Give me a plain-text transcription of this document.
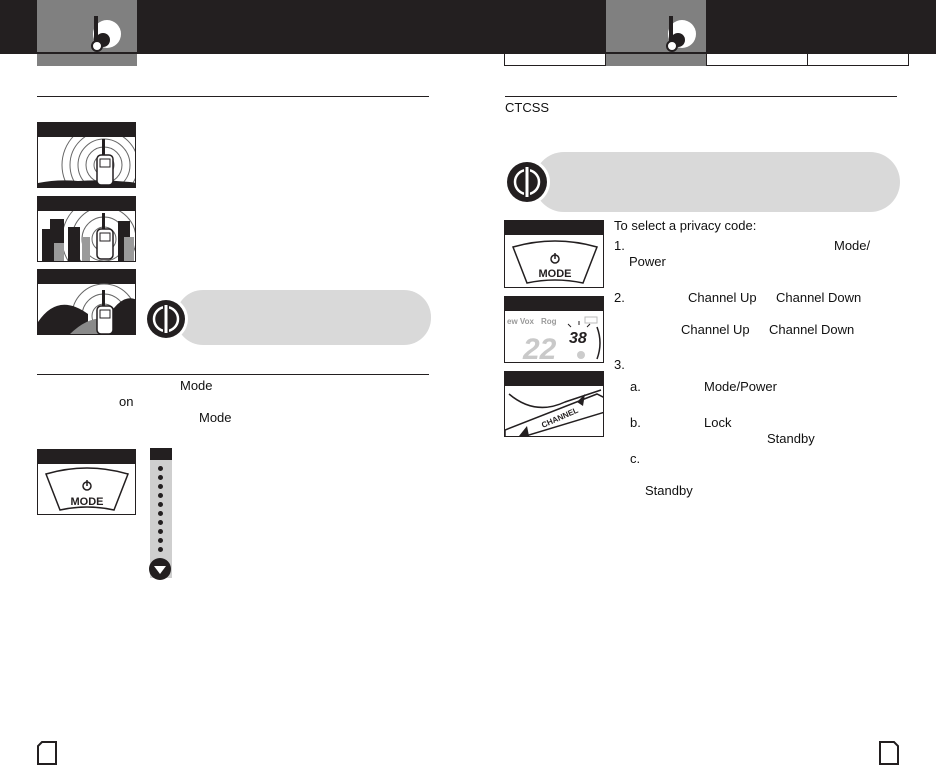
Mode
on
Mode
MODE
CTCSS
To select a privacy code:
1.	Mode/
Power
2.	Channel Up Channel Down
Channel Up Channel Down
3.
a.	Mode/Power
b.	Lock
Standby
c.
Standby
MODE
ew Vox Rog
22 38
CHANNEL
